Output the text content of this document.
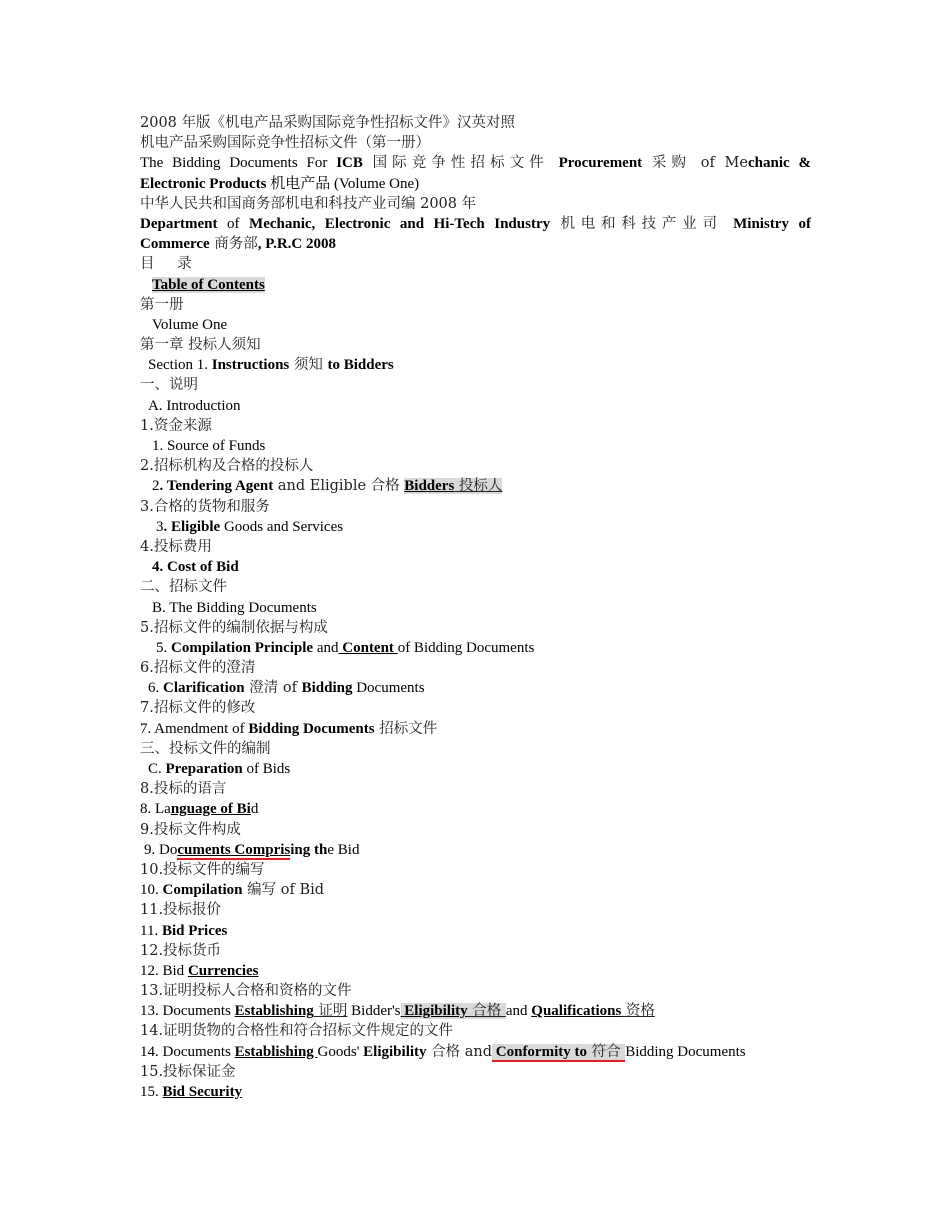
2008 年版《机电产品采购国际竞争性招标文件》汉英对照
机电产品采购国际竞争性招标文件（第一册）
The Bidding Documents For ICB 国际竞争性招标文件 Procurement 采购 of Mechanic &
Electronic Products 机电产品 (Volume One)
中华人民共和国商务部机电和科技产业司编 2008 年
Department of Mechanic, Electronic and Hi-Tech Industry 机电和科技产业司 Ministry of
Commerce 商务部, P.R.C 2008
目 录
Table of Contents
第一册
Volume One
第一章 投标人须知
Section 1. Instructions 须知 to Bidders
一、说明
A. Introduction
1.资金来源
1. Source of Funds
2.招标机构及合格的投标人
2. Tendering Agent and Eligible 合格 Bidders 投标人
3.合格的货物和服务
3. Eligible Goods and Services
4.投标费用
4. Cost of Bid
二、招标文件
B. The Bidding Documents
5.招标文件的编制依据与构成
5. Compilation Principle and Content of Bidding Documents
6.招标文件的澄清
6. Clarification 澄清 of Bidding Documents
7.招标文件的修改
7. Amendment of Bidding Documents 招标文件
三、投标文件的编制
C. Preparation of Bids
8.投标的语言
8. Language of Bid
9.投标文件构成
9. Documents Comprising the Bid
10.投标文件的编写
10. Compilation 编写 of Bid
11.投标报价
11. Bid Prices
12.投标货币
12. Bid Currencies
13.证明投标人合格和资格的文件
13. Documents Establishing 证明 Bidder's Eligibility 合格 and Qualifications 资格
14.证明货物的合格性和符合招标文件规定的文件
14. Documents Establishing Goods' Eligibility 合格 and Conformity to 符合 Bidding Documents
15.投标保证金
15. Bid Security
